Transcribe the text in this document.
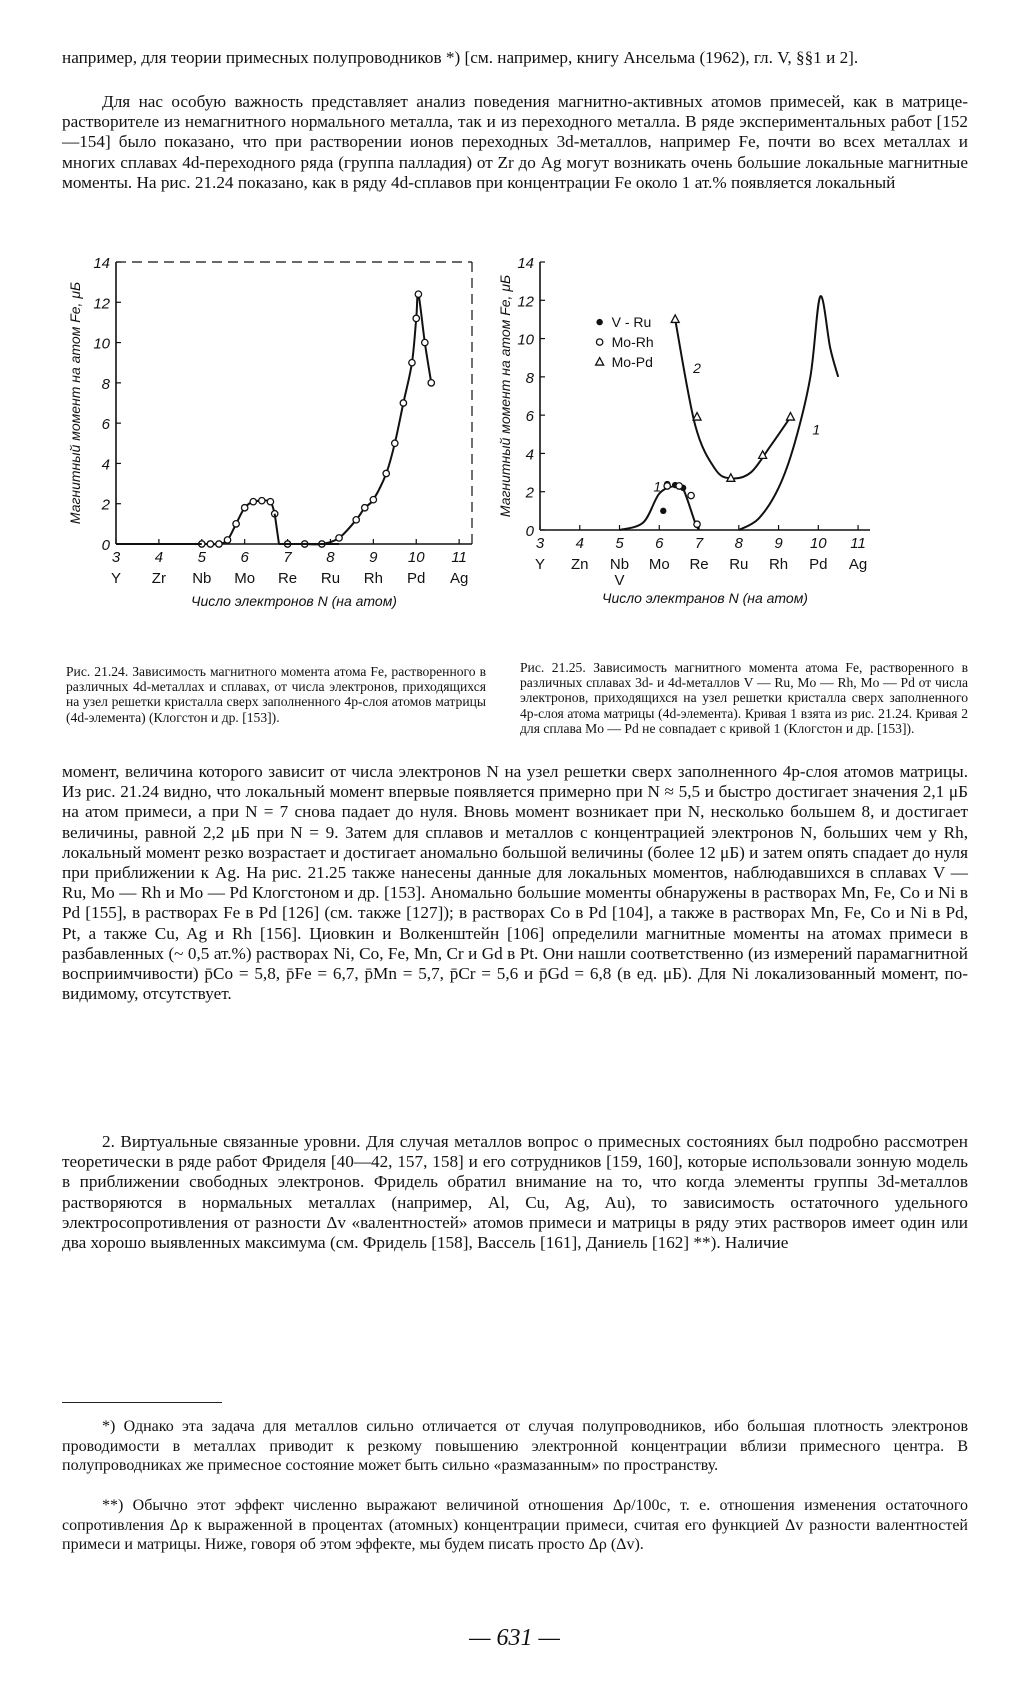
например, для теории примесных полупроводников *) [см. например, книгу Ансельма (1962), гл. V, §§1 и 2].

Для нас особую важность представляет анализ поведения магнитно-активных атомов примесей, как в матрице-растворителе из немагнитного нормального металла, так и из переходного металла. В ряде экспериментальных работ [152—154] было показано, что при растворении ионов переходных 3d-металлов, например Fe, почти во всех металлах и многих сплавах 4d-переходного ряда (группа палладия) от Zr до Ag могут возникать очень большие локальные магнитные моменты. На рис. 21.24 показано, как в ряду 4d-сплавов при концентрации Fe около 1 ат.% появляется локальный

0
2
4
6
8
10
12
14
3
Y
4
Zr
5
Nb
6
Mo
7
Re
8
Ru
9
Rh
10
Pd
11
Ag
Магнитный момент на атом Fe, μБ
Число электронов N (на атом)
0
2
4
6
8
10
12
14
3
Y
4
Zn
5
Nb
V
6
Mo
7
Re
8
Ru
9
Rh
10
Pd
11
Ag
Магнитный момент на атом Fe, μБ
Число электранов N (на атом)
1
1
2
V - Ru
Mo-Rh
Mo-Pd

Рис. 21.24. Зависимость магнитного момента атома Fe, растворенного в различных 4d-металлах и сплавах, от числа электронов, приходящихся на узел решетки кристалла сверх заполненного 4p-слоя атомов матрицы (4d-элемента) (Клогстон и др. [153]).

Рис. 21.25. Зависимость магнитного момента атома Fe, растворенного в различных сплавах 3d- и 4d-металлов V — Ru, Mo — Rh, Mo — Pd от числа электронов, приходящихся на узел решетки кристалла сверх заполненного 4p-слоя атома матрицы (4d-элемента). Кривая 1 взята из рис. 21.24. Кривая 2 для сплава Mo — Pd не совпадает с кривой 1 (Клогстон и др. [153]).

момент, величина которого зависит от числа электронов N на узел решетки сверх заполненного 4p-слоя атомов матрицы. Из рис. 21.24 видно, что локальный момент впервые появляется примерно при N ≈ 5,5 и быстро достигает значения 2,1 μБ на атом примеси, а при N = 7 снова падает до нуля. Вновь момент возникает при N, несколько большем 8, и достигает величины, равной 2,2 μБ при N = 9. Затем для сплавов и металлов с концентрацией электронов N, больших чем у Rh, локальный момент резко возрастает и достигает аномально большой величины (более 12 μБ) и затем опять спадает до нуля при приближении к Ag. На рис. 21.25 также нанесены данные для локальных моментов, наблюдавшихся в сплавах V — Ru, Mo — Rh и Mo — Pd Клогстоном и др. [153]. Аномально большие моменты обнаружены в растворах Mn, Fe, Co и Ni в Pd [155], в растворах Fe в Pd [126] (см. также [127]); в растворах Co в Pd [104], а также в растворах Mn, Fe, Co и Ni в Pd, Pt, а также Cu, Ag и Rh [156]. Циовкин и Волкенштейн [106] определили магнитные моменты на атомах примеси в разбавленных (~ 0,5 ат.%) растворах Ni, Co, Fe, Mn, Cr и Gd в Pt. Они нашли соответственно (из измерений парамагнитной восприимчивости) p̄Co = 5,8, p̄Fe = 6,7, p̄Mn = 5,7, p̄Cr = 5,6 и p̄Gd = 6,8 (в ед. μБ). Для Ni локализованный момент, по-видимому, отсутствует.

2. Виртуальные связанные уровни. Для случая металлов вопрос о примесных состояниях был подробно рассмотрен теоретически в ряде работ Фриделя [40—42, 157, 158] и его сотрудников [159, 160], которые использовали зонную модель в приближении свободных электронов. Фридель обратил внимание на то, что когда элементы группы 3d-металлов растворяются в нормальных металлах (например, Al, Cu, Ag, Au), то зависимость остаточного удельного электросопротивления от разности Δv «валентностей» атомов примеси и матрицы в ряду этих растворов имеет один или два хорошо выявленных максимума (см. Фридель [158], Вассель [161], Даниель [162] **). Наличие

*) Однако эта задача для металлов сильно отличается от случая полупроводников, ибо большая плотность электронов проводимости в металлах приводит к резкому повышению электронной концентрации вблизи примесного центра. В полупроводниках же примесное состояние может быть сильно «размазанным» по пространству.

**) Обычно этот эффект численно выражают величиной отношения Δρ/100c, т. е. отношения изменения остаточного сопротивления Δρ к выраженной в процентах (атомных) концентрации примеси, считая его функцией Δv разности валентностей примеси и матрицы. Ниже, говоря об этом эффекте, мы будем писать просто Δρ (Δv).

— 631 —
